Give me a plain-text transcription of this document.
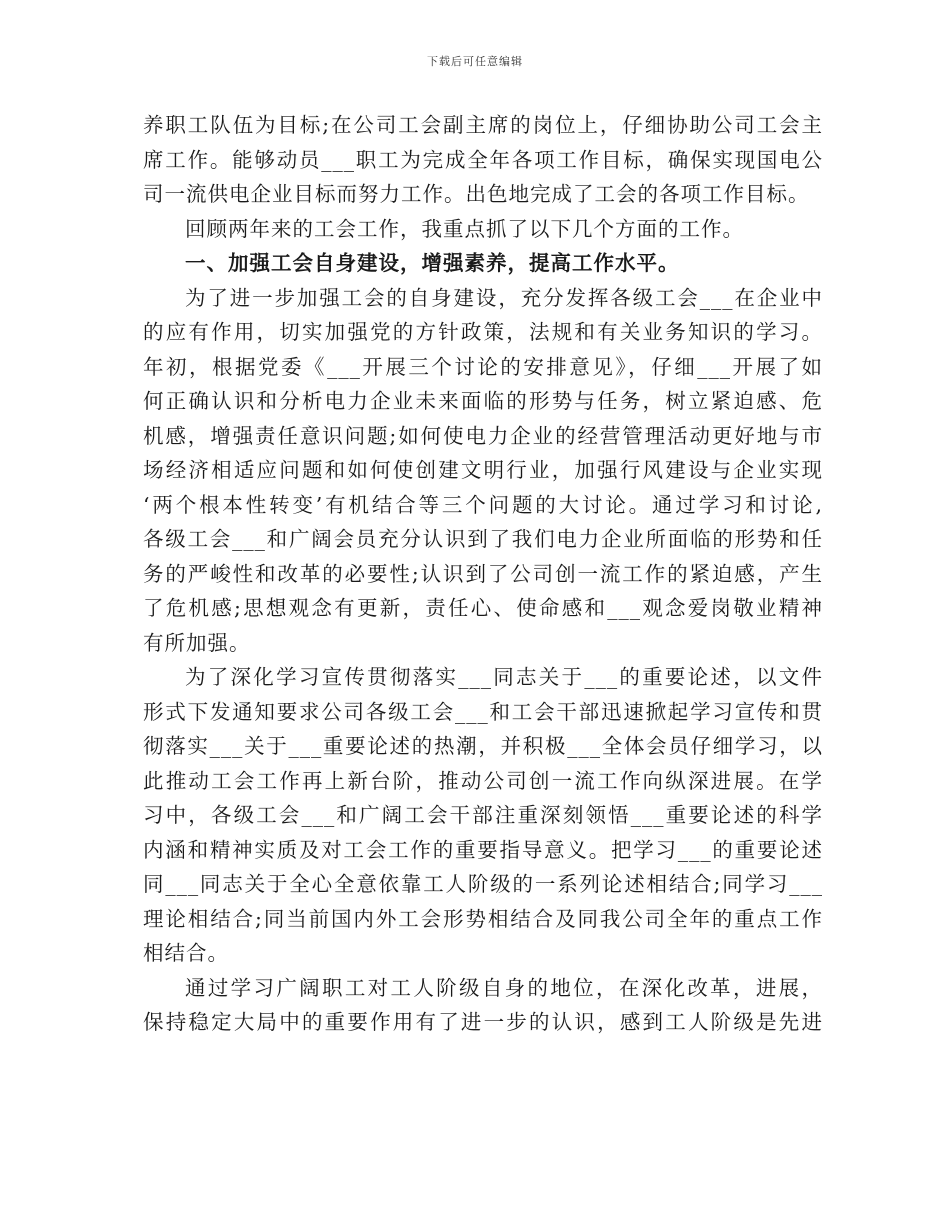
下载后可任意编辑
养职工队伍为目标;在公司工会副主席的岗位上，仔细协助公司工会主
席工作。能够动员___职工为完成全年各项工作目标，确保实现国电公
司一流供电企业目标而努力工作。出色地完成了工会的各项工作目标。
回顾两年来的工会工作，我重点抓了以下几个方面的工作。
一、加强工会自身建设，增强素养，提高工作水平。
为了进一步加强工会的自身建设，充分发挥各级工会___在企业中
的应有作用，切实加强党的方针政策，法规和有关业务知识的学习。
年初，根据党委《___开展三个讨论的安排意见》，仔细___开展了如
何正确认识和分析电力企业未来面临的形势与任务，树立紧迫感、危
机感，增强责任意识问题;如何使电力企业的经营管理活动更好地与市
场经济相适应问题和如何使创建文明行业，加强行风建设与企业实现
‘两个根本性转变’有机结合等三个问题的大讨论。通过学习和讨论,
各级工会___和广阔会员充分认识到了我们电力企业所面临的形势和任
务的严峻性和改革的必要性;认识到了公司创一流工作的紧迫感，产生
了危机感;思想观念有更新，责任心、使命感和___观念爱岗敬业精神
有所加强。
为了深化学习宣传贯彻落实___同志关于___的重要论述，以文件
形式下发通知要求公司各级工会___和工会干部迅速掀起学习宣传和贯
彻落实___关于___重要论述的热潮，并积极___全体会员仔细学习，以
此推动工会工作再上新台阶，推动公司创一流工作向纵深进展。在学
习中，各级工会___和广阔工会干部注重深刻领悟___重要论述的科学
内涵和精神实质及对工会工作的重要指导意义。把学习___的重要论述
同___同志关于全心全意依靠工人阶级的一系列论述相结合;同学习___
理论相结合;同当前国内外工会形势相结合及同我公司全年的重点工作
相结合。
通过学习广阔职工对工人阶级自身的地位，在深化改革，进展，
保持稳定大局中的重要作用有了进一步的认识，感到工人阶级是先进
